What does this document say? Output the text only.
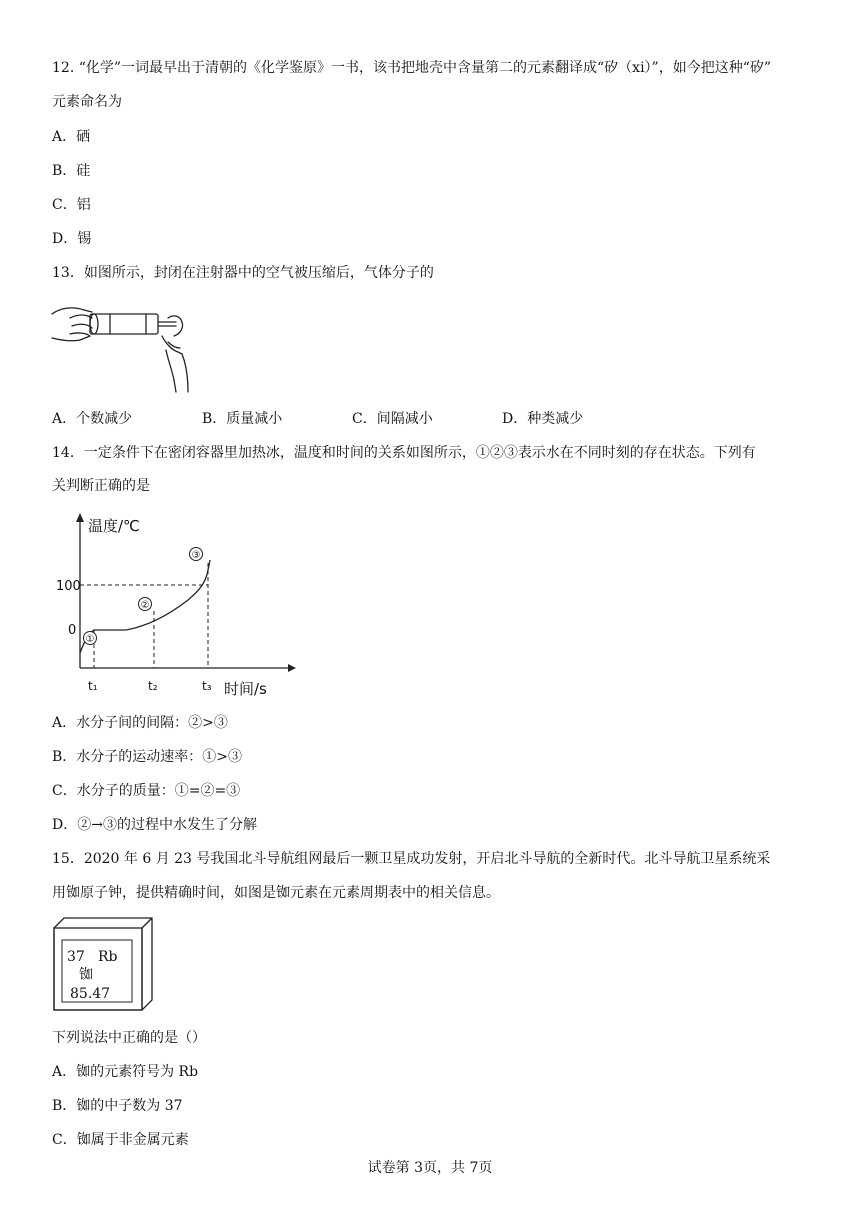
12. “化学”一词最早出于清朝的《化学鉴原》一书，该书把地壳中含量第二的元素翻译成“矽（xi）”，如今把这种“矽”
元素命名为
A．硒
B．硅
C．铝
D．锡
13．如图所示，封闭在注射器中的空气被压缩后，气体分子的
A．个数减少	B．质量减小	C．间隔减小	D．种类减少
14．一定条件下在密闭容器里加热冰，温度和时间的关系如图所示，①②③表示水在不同时刻的存在状态。下列有
关判断正确的是
温度/℃
时间/s
100
0
t₁	t₂	t₃
①
②
③
A．水分子间的间隔：②>③
B．水分子的运动速率：①>③
C．水分子的质量：①=②=③
D．②→③的过程中水发生了分解
15．2020 年 6 月 23 号我国北斗导航组网最后一颗卫星成功发射，开启北斗导航的全新时代。北斗导航卫星系统采
用铷原子钟，提供精确时间，如图是铷元素在元素周期表中的相关信息。
37 Rb
铷
85.47
下列说法中正确的是（）
A．铷的元素符号为 Rb
B．铷的中子数为 37
C．铷属于非金属元素
试卷第 3页，共 7页
